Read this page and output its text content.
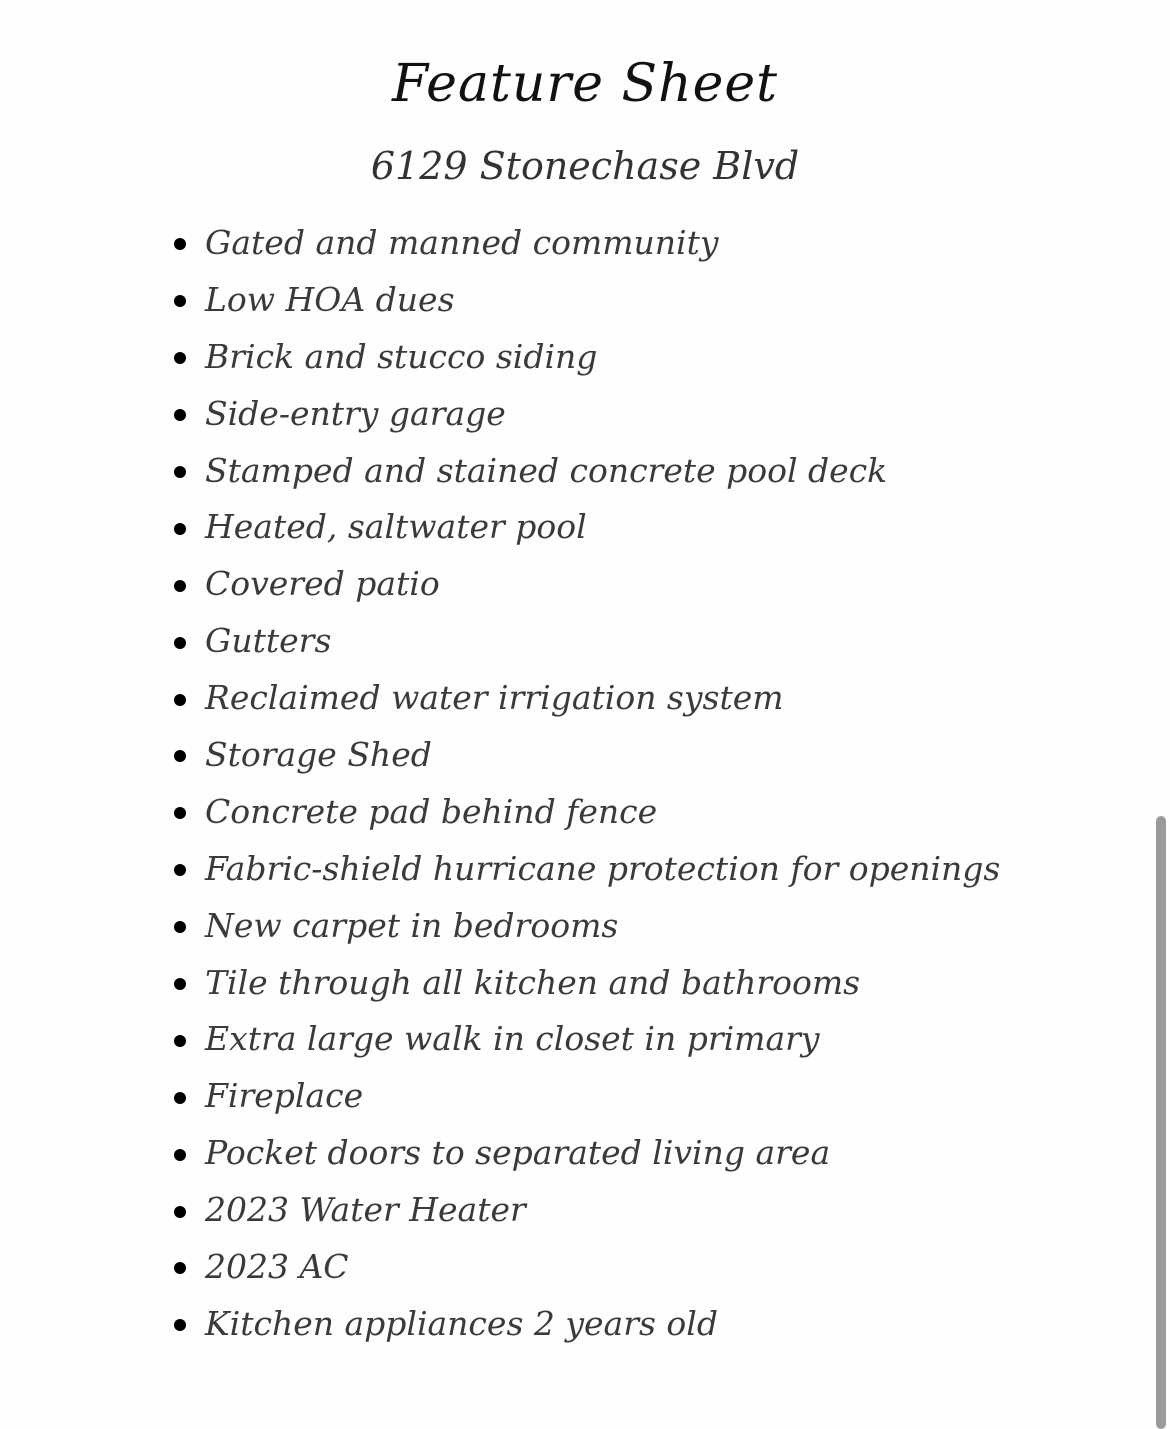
Feature Sheet
6129 Stonechase Blvd
Gated and manned community
Low HOA dues
Brick and stucco siding
Side-entry garage
Stamped and stained concrete pool deck
Heated, saltwater pool
Covered patio
Gutters
Reclaimed water irrigation system
Storage Shed
Concrete pad behind fence
Fabric-shield hurricane protection for openings
New carpet in bedrooms
Tile through all kitchen and bathrooms
Extra large walk in closet in primary
Fireplace
Pocket doors to separated living area
2023 Water Heater
2023 AC
Kitchen appliances 2 years old
